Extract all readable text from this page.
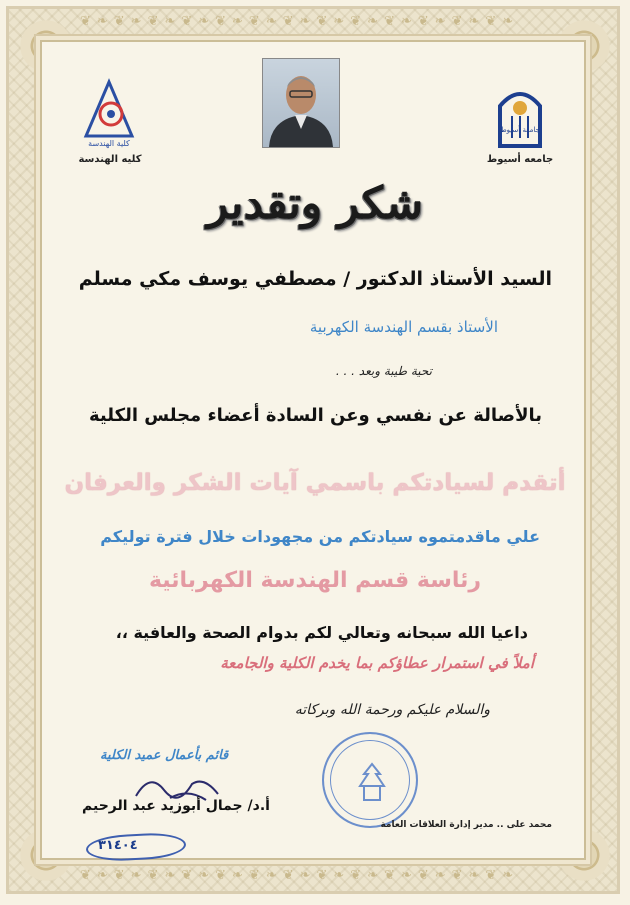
❦❧❦❧❦❧❦❧❦❧❦❧❦❧❦❧❦❧❦❧❦❧❦❧❦❧
❦❧❦❧❦❧❦❧❦❧❦❧❦❧❦❧❦❧❦❧❦❧❦❧❦❧
كلية الهندسة
كليه الهندسة
جامعة أسيوط
جامعه أسيوط
شكر وتقدير
السيد الأستاذ الدكتور / مصطفي يوسف مكي مسلم
الأستاذ بقسم الهندسة الكهربية
تحية طيبة وبعد . . .
بالأصالة عن نفسي وعن السادة أعضاء مجلس الكلية
أتقدم لسيادتكم باسمي آيات الشكر والعرفان
علي ماقدمتموه سيادتكم من مجهودات خلال فترة توليكم
رئاسة قسم الهندسة الكهربائية
داعيا الله سبحانه وتعالي لكم بدوام الصحة والعافية ،،
أملاً في استمرار عطاؤكم بما يخدم الكلية والجامعة
والسلام عليكم ورحمة الله وبركاته
قائم بأعمال عميد الكلية
أ.د/ جمال أبوزيد عبد الرحيم
محمد على .. مدير إدارة العلاقات العامة
٣١٤٠٤
